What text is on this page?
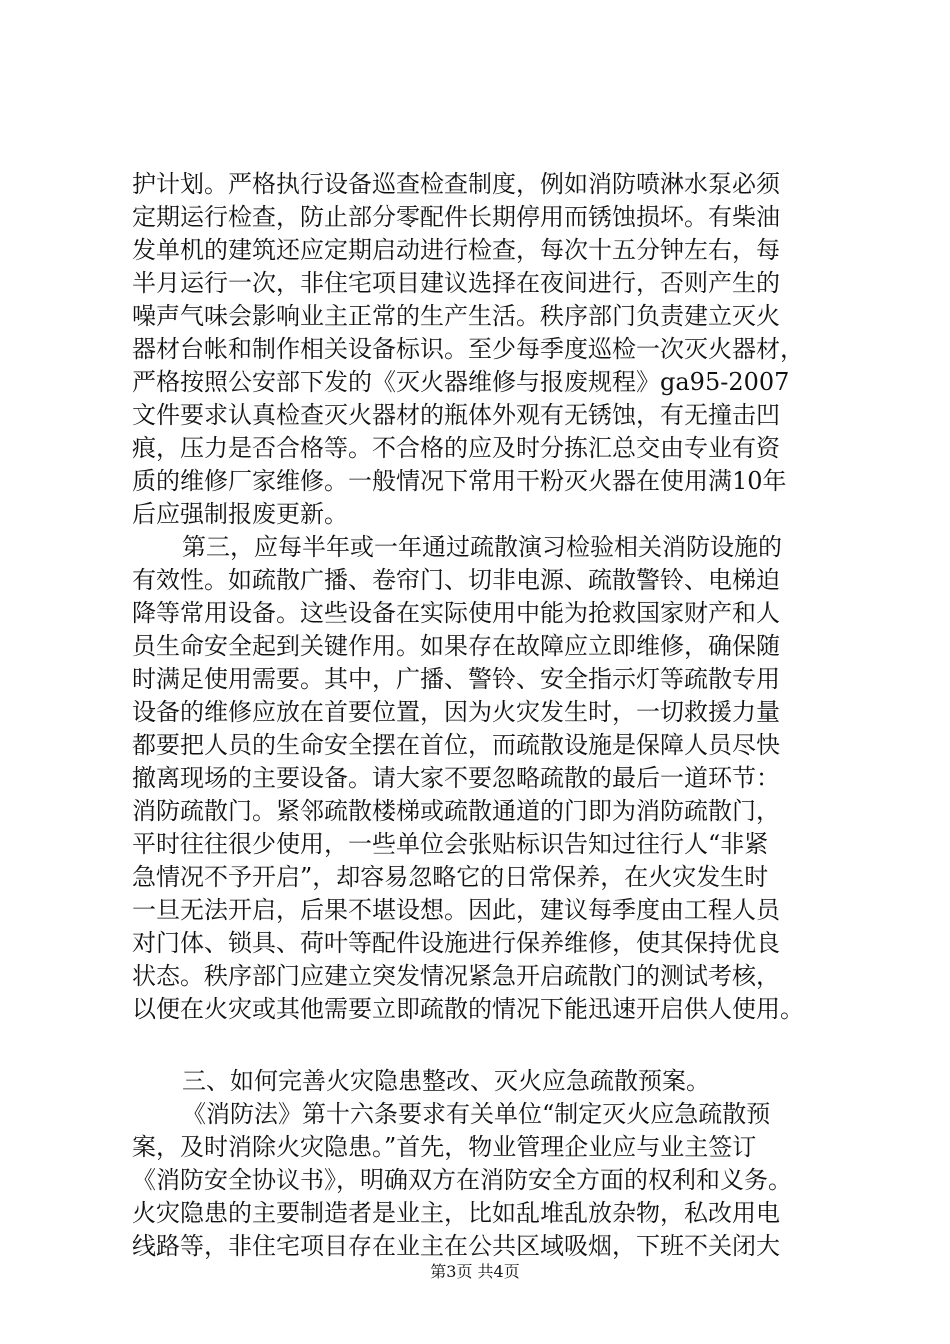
护计划。严格执行设备巡查检查制度，例如消防喷淋水泵必须
定期运行检查，防止部分零配件长期停用而锈蚀损坏。有柴油
发单机的建筑还应定期启动进行检查，每次十五分钟左右，每
半月运行一次，非住宅项目建议选择在夜间进行，否则产生的
噪声气味会影响业主正常的生产生活。秩序部门负责建立灭火
器材台帐和制作相关设备标识。至少每季度巡检一次灭火器材，
严格按照公安部下发的《灭火器维修与报废规程》ga95-2007
文件要求认真检查灭火器材的瓶体外观有无锈蚀，有无撞击凹
痕，压力是否合格等。不合格的应及时分拣汇总交由专业有资
质的维修厂家维修。一般情况下常用干粉灭火器在使用满10年
后应强制报废更新。
第三，应每半年或一年通过疏散演习检验相关消防设施的
有效性。如疏散广播、卷帘门、切非电源、疏散警铃、电梯迫
降等常用设备。这些设备在实际使用中能为抢救国家财产和人
员生命安全起到关键作用。如果存在故障应立即维修，确保随
时满足使用需要。其中，广播、警铃、安全指示灯等疏散专用
设备的维修应放在首要位置，因为火灾发生时，一切救援力量
都要把人员的生命安全摆在首位，而疏散设施是保障人员尽快
撤离现场的主要设备。请大家不要忽略疏散的最后一道环节：
消防疏散门。紧邻疏散楼梯或疏散通道的门即为消防疏散门，
平时往往很少使用，一些单位会张贴标识告知过往行人“非紧
急情况不予开启”，却容易忽略它的日常保养，在火灾发生时
一旦无法开启，后果不堪设想。因此，建议每季度由工程人员
对门体、锁具、荷叶等配件设施进行保养维修，使其保持优良
状态。秩序部门应建立突发情况紧急开启疏散门的测试考核，
以便在火灾或其他需要立即疏散的情况下能迅速开启供人使用。
三、如何完善火灾隐患整改、灭火应急疏散预案。
《消防法》第十六条要求有关单位“制定灭火应急疏散预
案，及时消除火灾隐患。”首先，物业管理企业应与业主签订
《消防安全协议书》，明确双方在消防安全方面的权利和义务。
火灾隐患的主要制造者是业主，比如乱堆乱放杂物，私改用电
线路等，非住宅项目存在业主在公共区域吸烟，下班不关闭大
第3页 共4页
